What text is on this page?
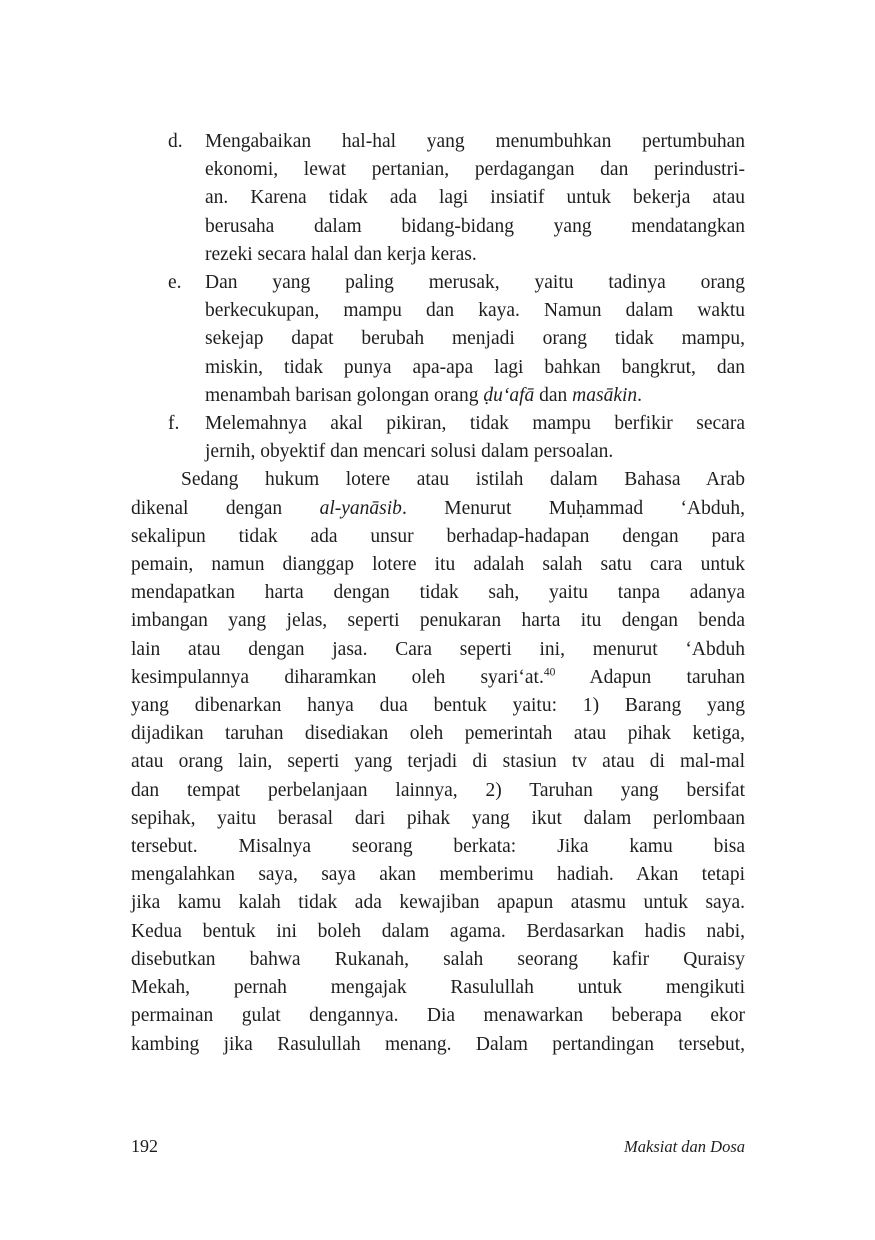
d.	Mengabaikan hal-hal yang menumbuhkan pertumbuhan
ekonomi, lewat pertanian, perdagangan dan perindustri-
an. Karena tidak ada lagi insiatif untuk bekerja atau
berusaha dalam bidang-bidang yang mendatangkan
rezeki secara halal dan kerja keras.
e.	Dan yang paling merusak, yaitu tadinya orang
berkecukupan, mampu dan kaya. Namun dalam waktu
sekejap dapat berubah menjadi orang tidak mampu,
miskin, tidak punya apa-apa lagi bahkan bangkrut, dan
menambah barisan golongan orang ḍu‘afā dan masākin.
f.	Melemahnya akal pikiran, tidak mampu berfikir secara
jernih, obyektif dan mencari solusi dalam persoalan.
Sedang hukum lotere atau istilah dalam Bahasa Arab
dikenal dengan al-yanāsib. Menurut Muḥammad ‘Abduh,
sekalipun tidak ada unsur berhadap-hadapan dengan para
pemain, namun dianggap lotere itu adalah salah satu cara untuk
mendapatkan harta dengan tidak sah, yaitu tanpa adanya
imbangan yang jelas, seperti penukaran harta itu dengan benda
lain atau dengan jasa. Cara seperti ini, menurut ‘Abduh
kesimpulannya diharamkan oleh syari‘at.$^{40}$ Adapun taruhan
yang dibenarkan hanya dua bentuk yaitu: 1) Barang yang
dijadikan taruhan disediakan oleh pemerintah atau pihak ketiga,
atau orang lain, seperti yang terjadi di stasiun tv atau di mal-mal
dan tempat perbelanjaan lainnya, 2) Taruhan yang bersifat
sepihak, yaitu berasal dari pihak yang ikut dalam perlombaan
tersebut. Misalnya seorang berkata: Jika kamu bisa
mengalahkan saya, saya akan memberimu hadiah. Akan tetapi
jika kamu kalah tidak ada kewajiban apapun atasmu untuk saya.
Kedua bentuk ini boleh dalam agama. Berdasarkan hadis nabi,
disebutkan bahwa Rukanah, salah seorang kafir Quraisy
Mekah, pernah mengajak Rasulullah untuk mengikuti
permainan gulat dengannya. Dia menawarkan beberapa ekor
kambing jika Rasulullah menang. Dalam pertandingan tersebut,
192	Maksiat dan Dosa
